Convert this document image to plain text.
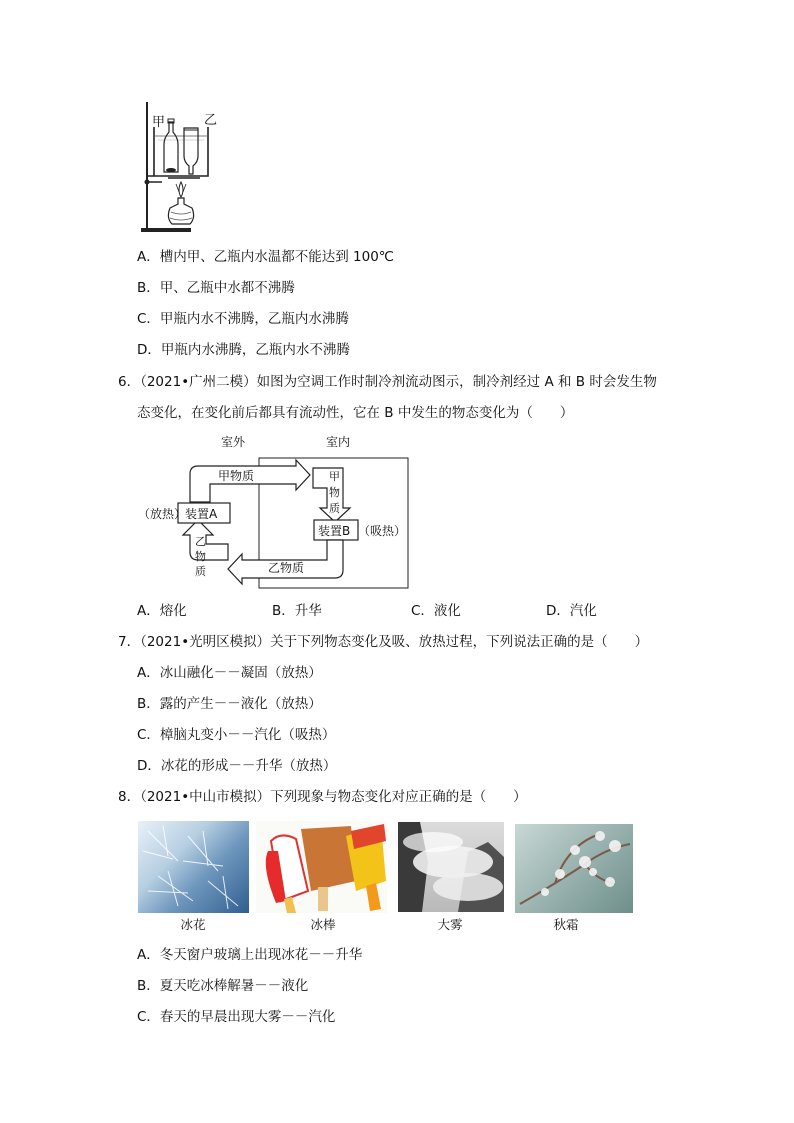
甲	乙
A．槽内甲、乙瓶内水温都不能达到 100℃
B．甲、乙瓶中水都不沸腾
C．甲瓶内水不沸腾，乙瓶内水沸腾
D．甲瓶内水沸腾，乙瓶内水不沸腾
6．（2021•广州二模）如图为空调工作时制冷剂流动图示，制冷剂经过 A 和 B 时会发生物
态变化，在变化前后都具有流动性，它在 B 中发生的物态变化为（　　）
室外	室内
甲物质	甲
物
质
装置B （吸热）
乙物质
乙
物
质
装置A
（放热）
A．熔化	B．升华	C．液化	D．汽化
7．（2021•光明区模拟）关于下列物态变化及吸、放热过程，下列说法正确的是（　　）
A．冰山融化－－凝固（放热）
B．露的产生－－液化（放热）
C．樟脑丸变小－－汽化（吸热）
D．冰花的形成－－升华（放热）
8．（2021•中山市模拟）下列现象与物态变化对应正确的是（　　）
冰花	冰棒	大雾	秋霜
A．冬天窗户玻璃上出现冰花－－升华
B．夏天吃冰棒解暑－－液化
C．春天的早晨出现大雾－－汽化
